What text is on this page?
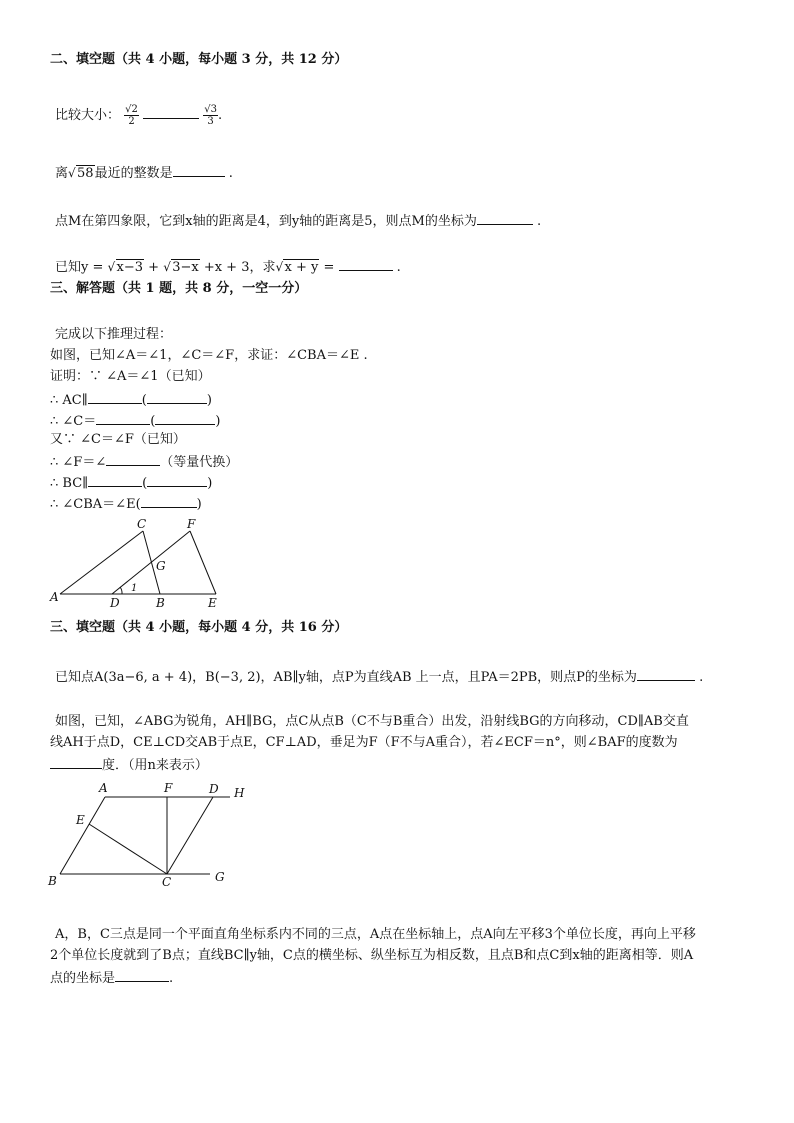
二、填空题（共 4 小题，每小题 3 分，共 12 分）
比较大小： $\frac{√2}{2}$
	$\frac{√3}{3}$ .
离 √ 58最近的整数是	.
点M在第四象限，它到x轴的距离是4，到y轴的距离是5，则点M的坐标为	.
已知y = √ x−3 + √ 3−x +x + 3，求 √ x + y =	.
三、解答题（共 1 题，共 8 分，一空一分）
完成以下推理过程：
如图，已知∠A＝∠1，∠C＝∠F，求证：∠CBA＝∠E .
证明：∵ ∠A＝∠1（已知）
∴ AC∥	(	)
∴ ∠C＝	(	)
又∵ ∠C＝∠F（已知）
∴ ∠F＝∠	（等量代换）
∴ BC∥	(	)
∴ ∠CBA＝∠E(	)
A
C	F
G
1
D	B	E
三、填空题（共 4 小题，每小题 4 分，共 16 分）
已知点A(3a−6, a + 4)，B(−3, 2)，AB∥y轴，点P为直线AB 上一点，且PA＝2PB，则点P的坐标为	.
如图，已知，∠ABG为锐角，AH∥BG，点C从点B（C不与B重合）出发，沿射线BG的方向移动，CD∥AB交直
线AH于点D，CE⊥CD交AB于点E，CF⊥AD，垂足为F（F不与A重合），若∠ECF＝n°，则∠BAF的度数为
度．（用n来表示）
A	F	D H
E
B	C	G
A，B，C三点是同一个平面直角坐标系内不同的三点，A点在坐标轴上，点A向左平移3个单位长度，再向上平移
2个单位长度就到了B点；直线BC∥y轴，C点的横坐标、纵坐标互为相反数，且点B和点C到x轴的距离相等．则A
点的坐标是	.
